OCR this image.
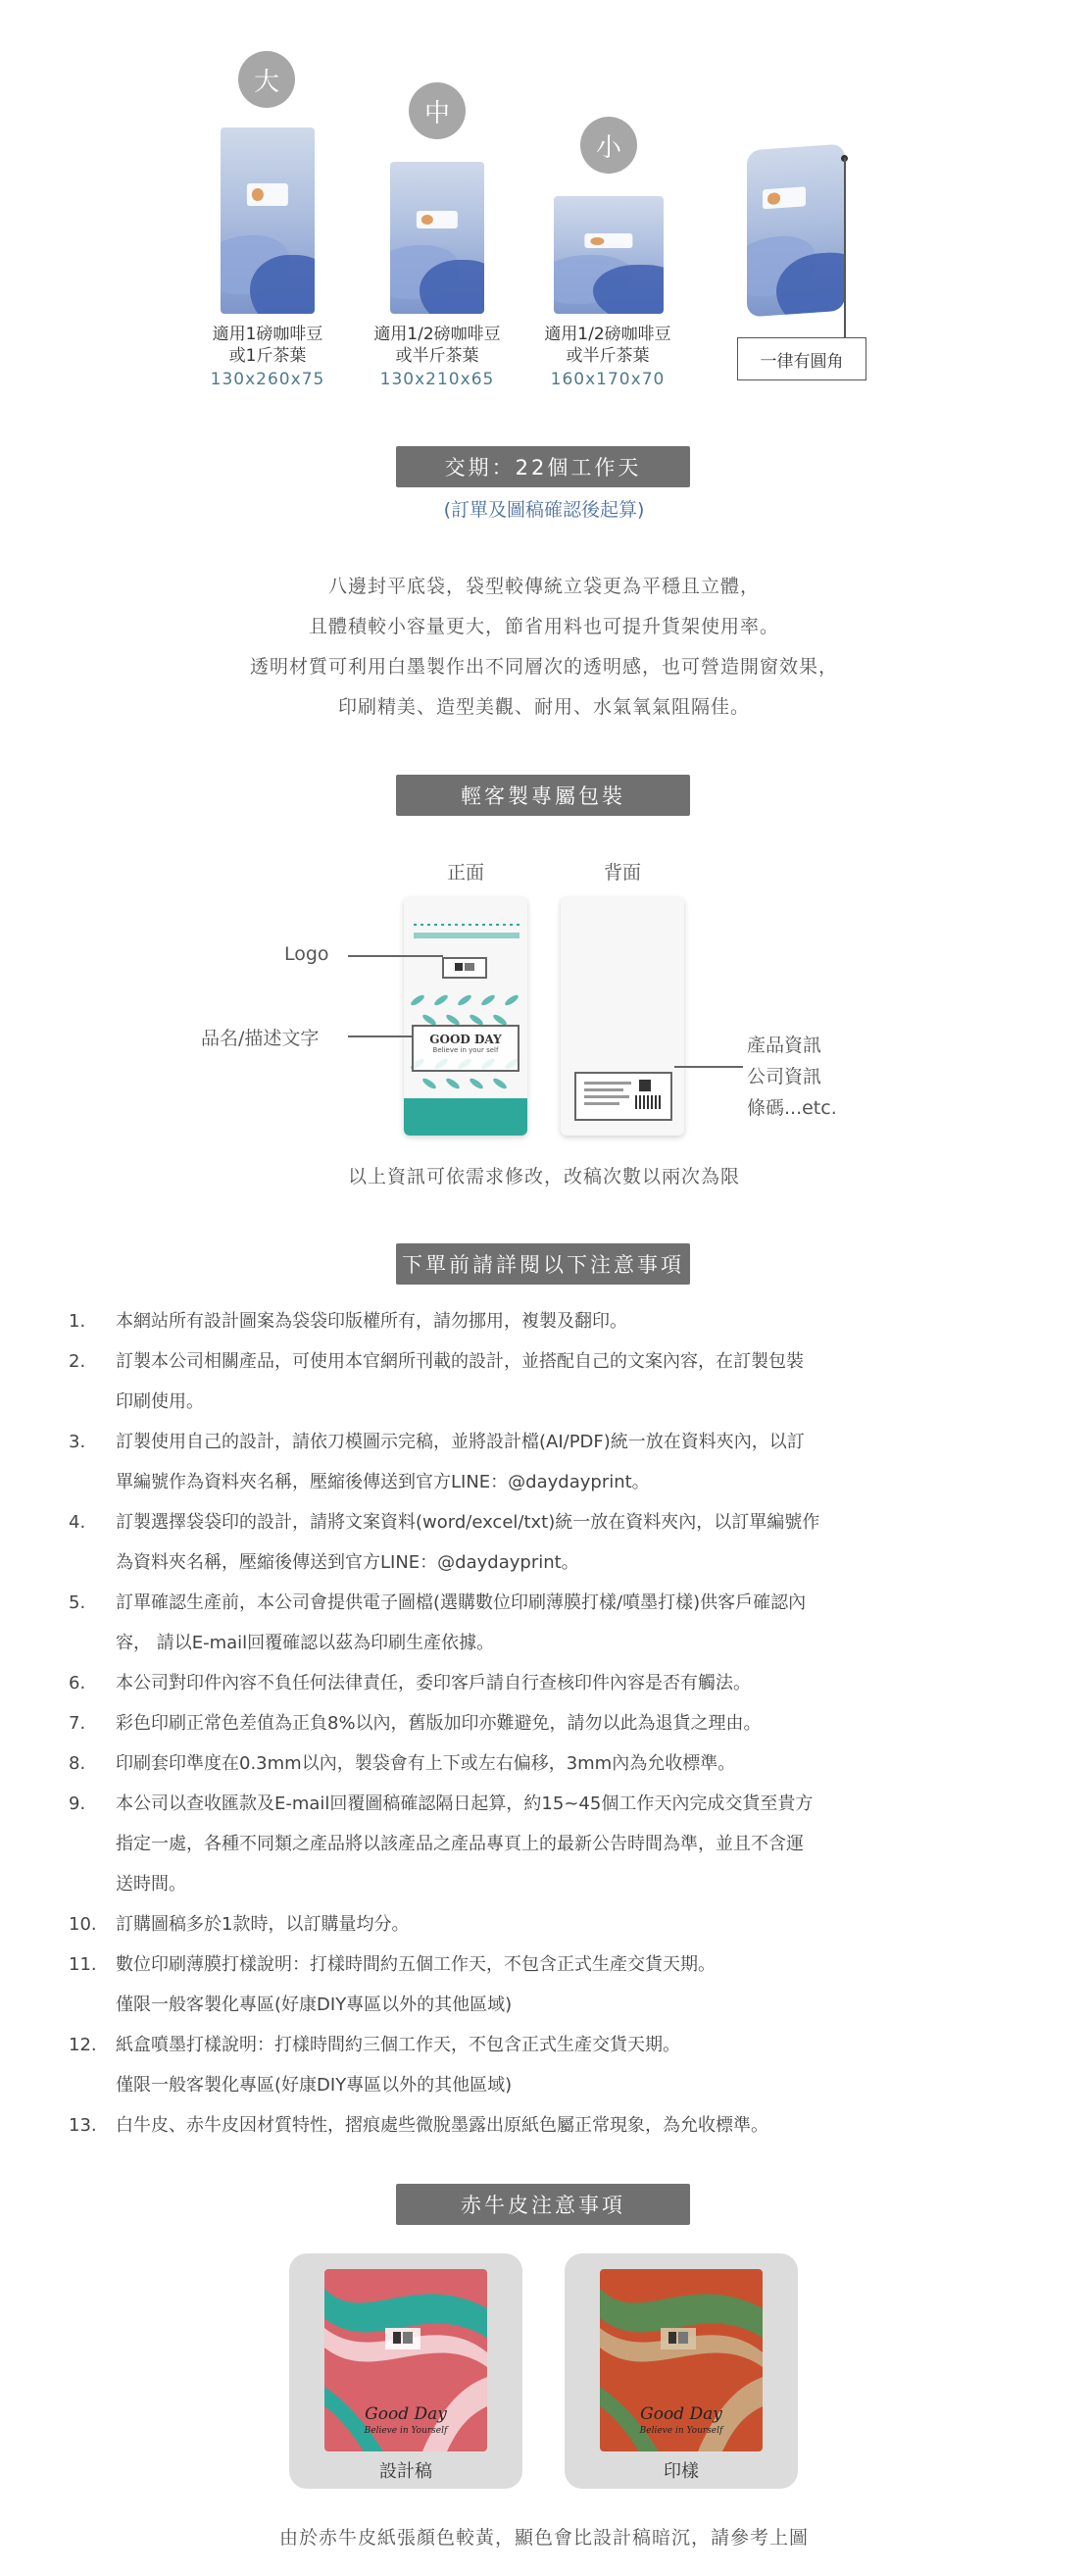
大
適用1磅咖啡豆
或1斤茶葉
130x260x75
中
適用1/2磅咖啡豆
或半斤茶葉
130x210x65
小
適用1/2磅咖啡豆
或半斤茶葉
160x170x70
一律有圓角
交期：22個工作天
(訂單及圖稿確認後起算)
八邊封平底袋，袋型較傳統立袋更為平穩且立體，
且體積較小容量更大，節省用料也可提升貨架使用率。
透明材質可利用白墨製作出不同層次的透明感，也可營造開窗效果，
印刷精美、造型美觀、耐用、水氣氧氣阻隔佳。
輕客製專屬包裝
正面	背面
GOOD DAY
Believe in your self
Logo
品名/描述文字	產品資訊
公司資訊
條碼...etc.
以上資訊可依需求修改，改稿次數以兩次為限
下單前請詳閱以下注意事項
1.	本網站所有設計圖案為袋袋印版權所有，請勿挪用，複製及翻印。
2.	訂製本公司相關產品，可使用本官網所刊載的設計，並搭配自己的文案內容，在訂製包裝
印刷使用。
3.	訂製使用自己的設計，請依刀模圖示完稿，並將設計檔(AI/PDF)統一放在資料夾內，以訂
單編號作為資料夾名稱，壓縮後傳送到官方LINE：@daydayprint。
4.	訂製選擇袋袋印的設計，請將文案資料(word/excel/txt)統一放在資料夾內，以訂單編號作
為資料夾名稱，壓縮後傳送到官方LINE：@daydayprint。
5.	訂單確認生產前，本公司會提供電子圖檔(選購數位印刷薄膜打樣/噴墨打樣)供客戶確認內
容， 請以E-mail回覆確認以茲為印刷生產依據。
6.	本公司對印件內容不負任何法律責任，委印客戶請自行查核印件內容是否有觸法。
7.	彩色印刷正常色差值為正負8%以內，舊版加印亦難避免，請勿以此為退貨之理由。
8.	印刷套印準度在0.3mm以內，製袋會有上下或左右偏移，3mm內為允收標準。
9.	本公司以查收匯款及E-mail回覆圖稿確認隔日起算，約15~45個工作天內完成交貨至貴方
指定一處，各種不同類之產品將以該產品之產品專頁上的最新公告時間為準，並且不含運
送時間。
10.	訂購圖稿多於1款時，以訂購量均分。
11.	數位印刷薄膜打樣說明：打樣時間約五個工作天，不包含正式生產交貨天期。
僅限一般客製化專區(好康DIY專區以外的其他區域)
12.	紙盒噴墨打樣說明：打樣時間約三個工作天，不包含正式生產交貨天期。
僅限一般客製化專區(好康DIY專區以外的其他區域)
13.	白牛皮、赤牛皮因材質特性，摺痕處些微脫墨露出原紙色屬正常現象，為允收標準。
赤牛皮注意事項
Good Day
Believe in Yourself
設計稿
Good Day
Believe in Yourself
印樣
由於赤牛皮紙張顏色較黃，顯色會比設計稿暗沉，請參考上圖
